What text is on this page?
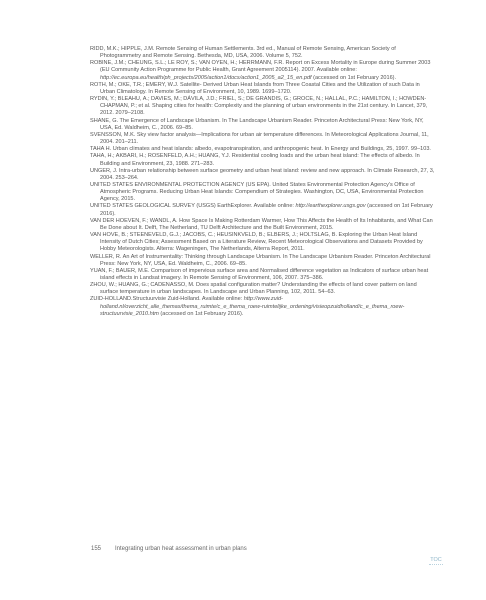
RIDD, M.K.; HIPPLE, J.M. Remote Sensing of Human Settlements. 3rd ed., Manual of Remote Sensing, American Society of Photogrammetry and Remote Sensing. Bethesda, MD, USA, 2006. Volume 5, 752.

ROBINE, J.M.; CHEUNG, S.L.; LE ROY, S.; VAN OYEN, H.; HERRMANN, F.R. Report on Excess Mortality in Europe during Summer 2003 (EU Community Action Programme for Public Health, Grant Agreement 2005114). 2007. Available online: http://ec.europa.eu/health/ph_projects/2005/action1/docs/action1_2005_a2_15_en.pdf (accessed on 1st February 2016).

ROTH, M.; OKE, T.R.; EMERY, W.J. Satellite- Derived Urban Heat Islands from Three Coastal Cities and the Utilization of such Data in Urban Climatology. In Remote Sensing of Environment, 10, 1989. 1699–1720.

RYDIN, Y.; BLEAHU, A.; DAVIES, M.; DÁVILA, J.D.; FRIEL, S.; DE GRANDIS, G.; GROCE, N.; HALLAL, P.C.; HAMILTON, I.; HOWDEN-CHAPMAN, P.; et al. Shaping cities for health: Complexity and the planning of urban environments in the 21st century. In Lancet, 379, 2012. 2079–2108.

SHANE, G. The Emergence of Landscape Urbanism. In The Landscape Urbanism Reader. Princeton Architectural Press: New York, NY, USA, Ed. Waldheim, C., 2006. 69–85.

SVENSSON, M.K. Sky view factor analysis—Implications for urban air temperature differences. In Meteorological Applications Journal, 11, 2004. 201–211.

TAHA H. Urban climates and heat islands: albedo, evapotranspiration, and anthropogenic heat. In Energy and Buildings, 25, 1997. 99–103.

TAHA, H.; AKBARI, H.; ROSENFELD, A.H.; HUANG, Y.J. Residential cooling loads and the urban heat island: The effects of albedo. In Building and Environment, 23, 1988. 271–283.

UNGER, J. Intra-urban relationship between surface geometry and urban heat island: review and new approach. In Climate Research, 27, 3, 2004. 253–264.

UNITED STATES ENVIRONMENTAL PROTECTION AGENCY (US EPA). United States Environmental Protection Agency's Office of Atmospheric Programs. Reducing Urban Heat Islands: Compendium of Strategies. Washington, DC, USA, Environmental Protection Agency, 2015.

UNITED STATES GEOLOGICAL SURVEY (USGS) EarthExplorer. Available online: http://earthexplorer.usgs.gov (accessed on 1st February 2016).

VAN DER HOEVEN, F.; WANDL, A. How Space Is Making Rotterdam Warmer, How This Affects the Health of Its Inhabitants, and What Can Be Done about It. Delft, The Netherland, TU Delft Architecture and the Built Environment, 2015.

VAN HOVE, B.; STEENEVELD, G.J.; JACOBS, C.; HEUSINKVELD, B.; ELBERS, J.; HOLTSLAG, B. Exploring the Urban Heat Island Intensity of Dutch Cities; Assessment Based on a Literature Review, Recent Meteorological Observations and Datasets Provided by Hobby Meteorologists. Alterra: Wageningen, The Netherlands, Alterra Report, 2011.

WELLER, R. An Art of Instrumentality: Thinking through Landscape Urbanism. In The Landscape Urbanism Reader. Princeton Architectural Press: New York, NY, USA, Ed. Waldheim, C., 2006. 69–85.

YUAN, F.; BAUER, M.E. Comparison of impervious surface area and Normalised difference vegetation as Indicators of surface urban heat island effects in Landsat imagery. In Remote Sensing of Environment, 106, 2007. 375–386.

ZHOU, W.; HUANG, G.; CADENASSO, M. Does spatial configuration matter? Understanding the effects of land cover pattern on land surface temperature in urban landscapes. In Landscape and Urban Planning, 102, 2011. 54–63.

ZUID-HOLLAND.Structuurvisie Zuid-Holland. Available online: http://www.zuid-holland.nl/overzicht_alle_themas/thema_ruimte/c_e_thema_roew-ruimtelijke_ordening/visieopzuidholland/c_e_thema_roew-structuurvisie_2010.htm (accessed on 1st February 2016).

155 Integrating urban heat assessment in urban plans
TOC
